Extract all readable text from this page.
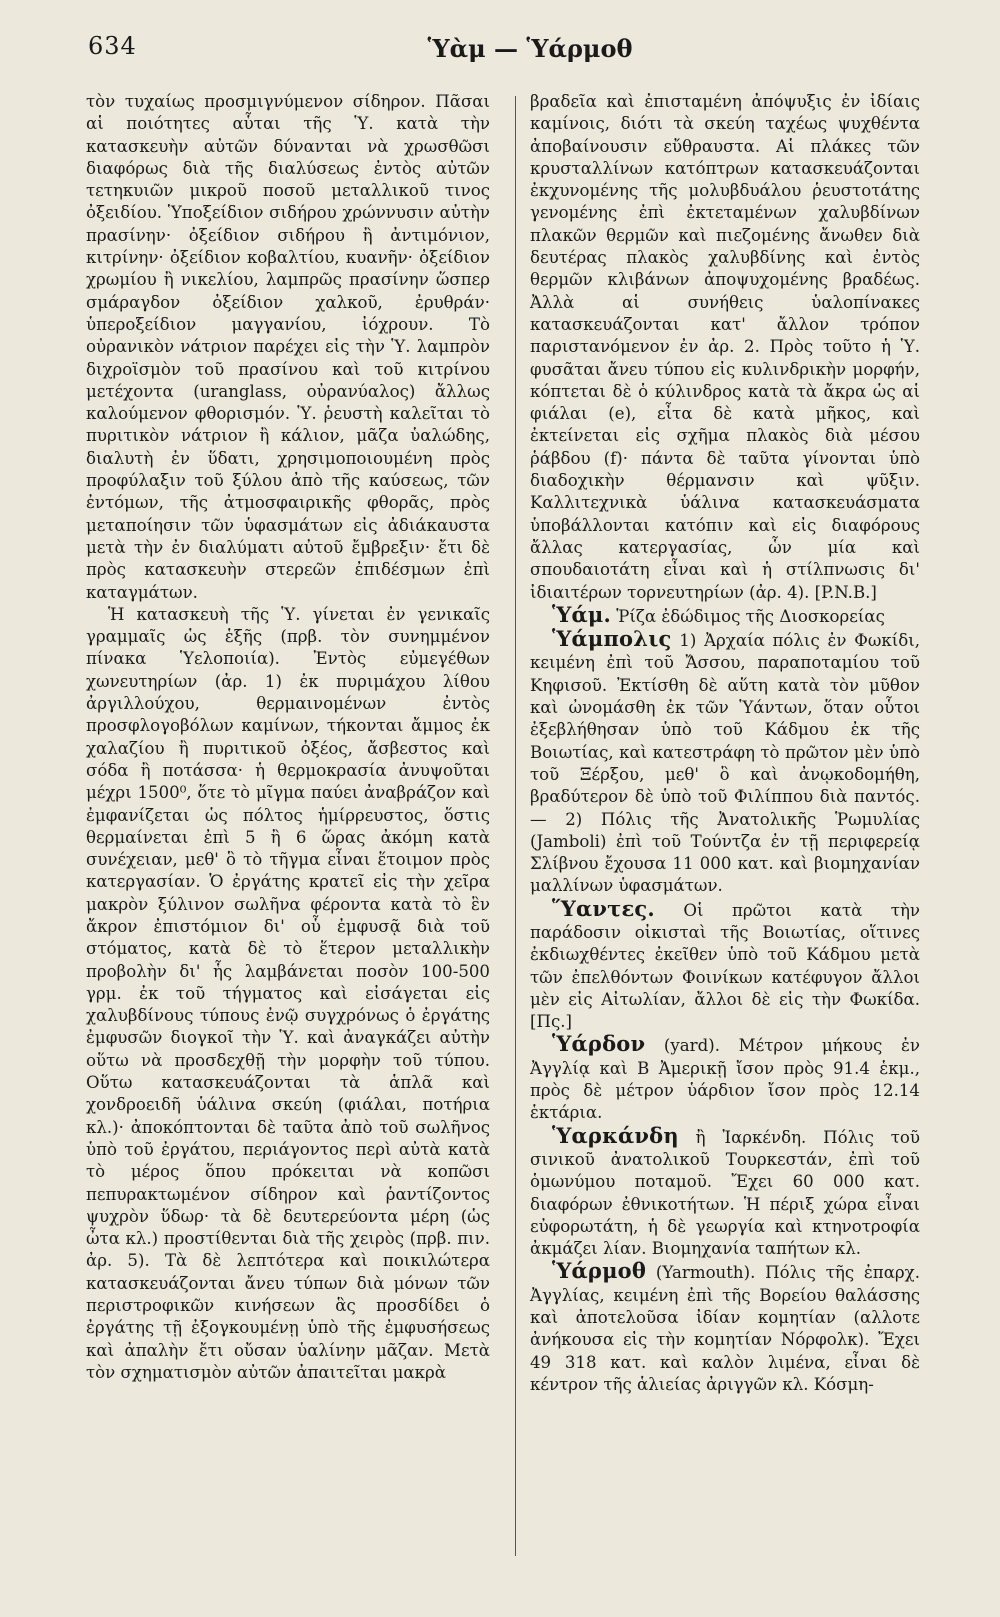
634	Ὑὰμ — Ὑάρμοθ

τὸν τυχαίως προσμιγνύμενον σίδηρον. Πᾶσαι αἱ ποιότητες αὗται τῆς Ὑ. κατὰ τὴν κατασκευὴν αὐτῶν δύνανται νὰ χρωσθῶσι διαφόρως διὰ τῆς διαλύσεως ἐντὸς αὐτῶν τετηκυιῶν μικροῦ ποσοῦ μεταλλικοῦ τινος ὀξειδίου. Ὑποξείδιον σιδήρου χρώννυσιν αὐτὴν πρασίνην· ὀξείδιον σιδήρου ἢ ἀντιμόνιον, κιτρίνην· ὀξείδιον κοβαλτίου, κυανῆν· ὀξείδιον χρωμίου ἢ νικελίου, λαμπρῶς πρασίνην ὥσπερ σμάραγδον ὀξείδιον χαλκοῦ, ἐρυθράν· ὑπεροξείδιον μαγγανίου, ἰόχρουν. Τὸ οὐρανικὸν νάτριον παρέχει εἰς τὴν Ὑ. λαμπρὸν διχροϊσμὸν τοῦ πρασίνου καὶ τοῦ κιτρίνου μετέχοντα (uranglass, οὐρανύαλος) ἄλλως καλούμενον φθορισμόν. Ὑ. ῥευστὴ καλεῖται τὸ πυριτικὸν νάτριον ἢ κάλιον, μᾶζα ὑαλώδης, διαλυτὴ ἐν ὕδατι, χρησιμοποιουμένη πρὸς προφύλαξιν τοῦ ξύλου ἀπὸ τῆς καύσεως, τῶν ἐντόμων, τῆς ἀτμοσφαιρικῆς φθορᾶς, πρὸς μεταποίησιν τῶν ὑφασμάτων εἰς ἀδιάκαυστα μετὰ τὴν ἐν διαλύματι αὐτοῦ ἔμβρεξιν· ἔτι δὲ πρὸς κατασκευὴν στερεῶν ἐπιδέσμων ἐπὶ καταγμάτων.

Ἡ κατασκευὴ τῆς Ὑ. γίνεται ἐν γενικαῖς γραμμαῖς ὡς ἑξῆς (πρβ. τὸν συνημμένον πίνακα Ὑελοποιία). Ἐντὸς εὐμεγέθων χωνευτηρίων (ἀρ. 1) ἐκ πυριμάχου λίθου ἀργιλλούχου, θερμαινομένων ἐντὸς προσφλογοβόλων καμίνων, τήκονται ἄμμος ἐκ χαλαζίου ἢ πυριτικοῦ ὀξέος, ἄσβεστος καὶ σόδα ἢ ποτάσσα· ἡ θερμοκρασία ἀνυψοῦται μέχρι 1500⁰, ὅτε τὸ μῖγμα παύει ἀναβράζον καὶ ἐμφανίζεται ὡς πόλτος ἡμίρρευστος, ὅστις θερμαίνεται ἐπὶ 5 ἢ 6 ὥρας ἀκόμη κατὰ συνέχειαν, μεθ' ὃ τὸ τῆγμα εἶναι ἕτοιμον πρὸς κατεργασίαν. Ὁ ἐργάτης κρατεῖ εἰς τὴν χεῖρα μακρὸν ξύλινον σωλῆνα φέροντα κατὰ τὸ ἓν ἄκρον ἐπιστόμιον δι' οὗ ἐμφυσᾷ διὰ τοῦ στόματος, κατὰ δὲ τὸ ἕτερον μεταλλικὴν προβολὴν δι' ἧς λαμβάνεται ποσὸν 100-500 γρμ. ἐκ τοῦ τήγματος καὶ εἰσάγεται εἰς χαλυβδίνους τύπους ἐνῷ συγχρόνως ὁ ἐργάτης ἐμφυσῶν διογκοῖ τὴν Ὑ. καὶ ἀναγκάζει αὐτὴν οὕτω νὰ προσδεχθῇ τὴν μορφὴν τοῦ τύπου. Οὕτω κατασκευάζονται τὰ ἁπλᾶ καὶ χονδροειδῆ ὑάλινα σκεύη (φιάλαι, ποτήρια κλ.)· ἀποκόπτονται δὲ ταῦτα ἀπὸ τοῦ σωλῆνος ὑπὸ τοῦ ἐργάτου, περιάγοντος περὶ αὐτὰ κατὰ τὸ μέρος ὅπου πρόκειται νὰ κοπῶσι πεπυρακτωμένον σίδηρον καὶ ῥαντίζοντος ψυχρὸν ὕδωρ· τὰ δὲ δευτερεύοντα μέρη (ὡς ὦτα κλ.) προστίθενται διὰ τῆς χειρὸς (πρβ. πιν. ἀρ. 5). Τὰ δὲ λεπτότερα καὶ ποικιλώτερα κατασκευάζονται ἄνευ τύπων διὰ μόνων τῶν περιστροφικῶν κινήσεων ἃς προσδίδει ὁ ἐργάτης τῇ ἐξογκουμένῃ ὑπὸ τῆς ἐμφυσήσεως καὶ ἀπαλὴν ἔτι οὔσαν ὑαλίνην μᾶζαν. Μετὰ τὸν σχηματισμὸν αὐτῶν ἀπαιτεῖται μακρὰ

βραδεῖα καὶ ἐπισταμένη ἀπόψυξις ἐν ἰδίαις καμίνοις, διότι τὰ σκεύη ταχέως ψυχθέντα ἀποβαίνουσιν εὔθραυστα. Αἱ πλάκες τῶν κρυσταλλίνων κατόπτρων κατασκευάζονται ἐκχυνομένης τῆς μολυβδυάλου ῥευστοτάτης γενομένης ἐπὶ ἐκτεταμένων χαλυβδίνων πλακῶν θερμῶν καὶ πιεζομένης ἄνωθεν διὰ δευτέρας πλακὸς χαλυβδίνης καὶ ἐντὸς θερμῶν κλιβάνων ἀποψυχομένης βραδέως. Ἀλλὰ αἱ συνήθεις ὑαλοπίνακες κατασκευάζονται κατ' ἄλλον τρόπον παριστανόμενον ἐν ἀρ. 2. Πρὸς τοῦτο ἡ Ὑ. φυσᾶται ἄνευ τύπου εἰς κυλινδρικὴν μορφήν, κόπτεται δὲ ὁ κύλινδρος κατὰ τὰ ἄκρα ὡς αἱ φιάλαι (e), εἶτα δὲ κατὰ μῆκος, καὶ ἐκτείνεται εἰς σχῆμα πλακὸς διὰ μέσου ῥάβδου (f)· πάντα δὲ ταῦτα γίνονται ὑπὸ διαδοχικὴν θέρμανσιν καὶ ψῦξιν. Καλλιτεχνικὰ ὑάλινα κατασκευάσματα ὑποβάλλονται κατόπιν καὶ εἰς διαφόρους ἄλλας κατεργασίας, ὧν μία καὶ σπουδαιοτάτη εἶναι καὶ ἡ στίλπνωσις δι' ἰδιαιτέρων τορνευτηρίων (ἀρ. 4). [P.N.B.]

Ὑάμ. Ῥίζα ἐδώδιμος τῆς Διοσκορείας

Ὑάμπολις 1) Ἀρχαία πόλις ἐν Φωκίδι, κειμένη ἐπὶ τοῦ Ἄσσου, παραποταμίου τοῦ Κηφισοῦ. Ἐκτίσθη δὲ αὕτη κατὰ τὸν μῦθον καὶ ὠνομάσθη ἐκ τῶν Ὑάντων, ὅταν οὗτοι ἐξεβλήθησαν ὑπὸ τοῦ Κάδμου ἐκ τῆς Βοιωτίας, καὶ κατεστράφη τὸ πρῶτον μὲν ὑπὸ τοῦ Ξέρξου, μεθ' ὃ καὶ ἀνῳκοδομήθη, βραδύτερον δὲ ὑπὸ τοῦ Φιλίππου διὰ παντός. — 2) Πόλις τῆς Ἀνατολικῆς Ῥωμυλίας (Jamboli) ἐπὶ τοῦ Τούντζα ἐν τῇ περιφερείᾳ Σλίβνου ἔχουσα 11 000 κατ. καὶ βιομηχανίαν μαλλίνων ὑφασμάτων.

Ὕαντες. Οἱ πρῶτοι κατὰ τὴν παράδοσιν οἰκισταὶ τῆς Βοιωτίας, οἵτινες ἐκδιωχθέντες ἐκεῖθεν ὑπὸ τοῦ Κάδμου μετὰ τῶν ἐπελθόντων Φοινίκων κατέφυγον ἄλλοι μὲν εἰς Αἰτωλίαν, ἄλλοι δὲ εἰς τὴν Φωκίδα. [Πς.]

Ὑάρδον (yard). Μέτρον μήκους ἐν Ἀγγλίᾳ καὶ Β Ἀμερικῇ ἴσον πρὸς 91.4 ἑκμ., πρὸς δὲ μέτρον ὑάρδιον ἴσον πρὸς 12.14 ἑκτάρια.

Ὑαρκάνδη ἢ Ἰαρκένδη. Πόλις τοῦ σινικοῦ ἀνατολικοῦ Τουρκεστάν, ἐπὶ τοῦ ὁμωνύμου ποταμοῦ. Ἔχει 60 000 κατ. διαφόρων ἐθνικοτήτων. Ἡ πέριξ χώρα εἶναι εὐφορωτάτη, ἡ δὲ γεωργία καὶ κτηνοτροφία ἀκμάζει λίαν. Βιομηχανία ταπήτων κλ.

Ὑάρμοθ (Yarmouth). Πόλις τῆς ἐπαρχ. Ἀγγλίας, κειμένη ἐπὶ τῆς Βορείου θαλάσσης καὶ ἀποτελοῦσα ἰδίαν κομητίαν (αλλοτε ἀνήκουσα εἰς τὴν κομητίαν Νόρφολκ). Ἔχει 49 318 κατ. καὶ καλὸν λιμένα, εἶναι δὲ κέντρον τῆς ἁλιείας ἀριγγῶν κλ. Κόσμη-
